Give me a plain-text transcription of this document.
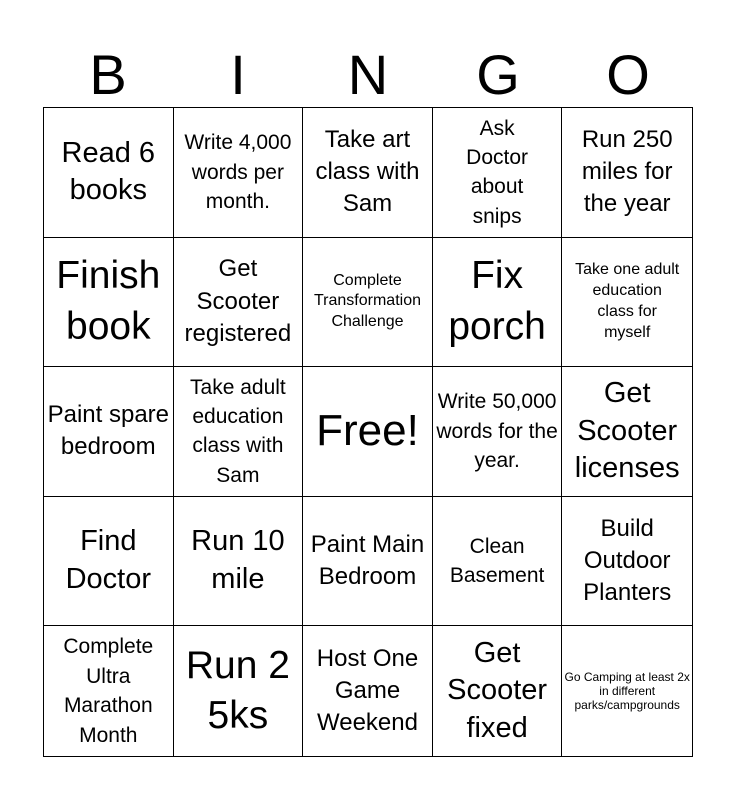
B	I	N	G	O
Read 6 books
Write 4,000 words per month.
Take art class with Sam
Ask Doctor about snips
Run 250 miles for the year
Finish book
Get Scooter registered
Complete Transformation Challenge
Fix porch
Take one adult education class for myself
Paint spare bedroom
Take adult education class with Sam
Free!
Write 50,000 words for the year.
Get Scooter licenses
Find Doctor
Run 10 mile
Paint Main Bedroom
Clean Basement
Build Outdoor Planters
Complete Ultra Marathon Month
Run 2 5ks
Host One Game Weekend
Get Scooter fixed
Go Camping at least 2x in different parks/campgrounds
